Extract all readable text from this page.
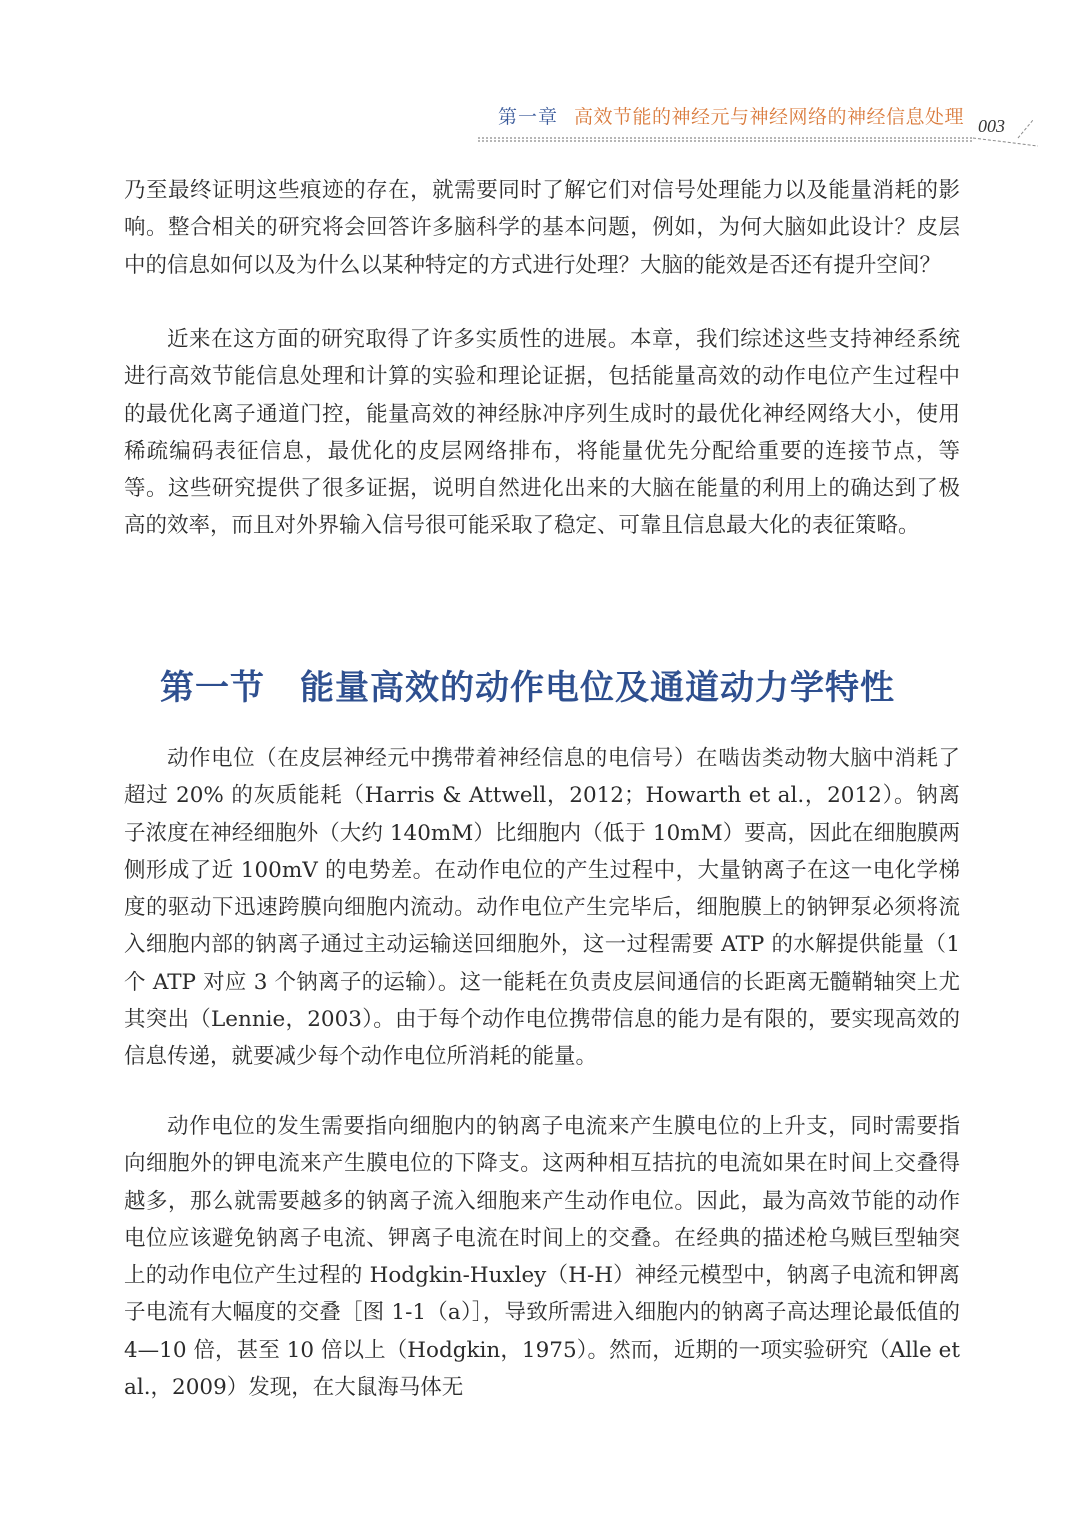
第一章 高效节能的神经元与神经网络的神经信息处理 003

乃至最终证明这些痕迹的存在，就需要同时了解它们对信号处理能力以及能量消耗的影响。整合相关的研究将会回答许多脑科学的基本问题，例如，为何大脑如此设计？皮层中的信息如何以及为什么以某种特定的方式进行处理？大脑的能效是否还有提升空间？

近来在这方面的研究取得了许多实质性的进展。本章，我们综述这些支持神经系统进行高效节能信息处理和计算的实验和理论证据，包括能量高效的动作电位产生过程中的最优化离子通道门控，能量高效的神经脉冲序列生成时的最优化神经网络大小，使用稀疏编码表征信息，最优化的皮层网络排布，将能量优先分配给重要的连接节点，等等。这些研究提供了很多证据，说明自然进化出来的大脑在能量的利用上的确达到了极高的效率，而且对外界输入信号很可能采取了稳定、可靠且信息最大化的表征策略。

第一节　能量高效的动作电位及通道动力学特性

动作电位（在皮层神经元中携带着神经信息的电信号）在啮齿类动物大脑中消耗了超过 20% 的灰质能耗（Harris & Attwell，2012；Howarth et al.，2012）。钠离子浓度在神经细胞外（大约 140mM）比细胞内（低于 10mM）要高，因此在细胞膜两侧形成了近 100mV 的电势差。在动作电位的产生过程中，大量钠离子在这一电化学梯度的驱动下迅速跨膜向细胞内流动。动作电位产生完毕后，细胞膜上的钠钾泵必须将流入细胞内部的钠离子通过主动运输送回细胞外，这一过程需要 ATP 的水解提供能量（1 个 ATP 对应 3 个钠离子的运输）。这一能耗在负责皮层间通信的长距离无髓鞘轴突上尤其突出（Lennie，2003）。由于每个动作电位携带信息的能力是有限的，要实现高效的信息传递，就要减少每个动作电位所消耗的能量。

动作电位的发生需要指向细胞内的钠离子电流来产生膜电位的上升支，同时需要指向细胞外的钾电流来产生膜电位的下降支。这两种相互拮抗的电流如果在时间上交叠得越多，那么就需要越多的钠离子流入细胞来产生动作电位。因此，最为高效节能的动作电位应该避免钠离子电流、钾离子电流在时间上的交叠。在经典的描述枪乌贼巨型轴突上的动作电位产生过程的 Hodgkin-Huxley（H-H）神经元模型中，钠离子电流和钾离子电流有大幅度的交叠［图 1-1（a）］，导致所需进入细胞内的钠离子高达理论最低值的 4—10 倍，甚至 10 倍以上（Hodgkin，1975）。然而，近期的一项实验研究（Alle et al.，2009）发现，在大鼠海马体无
